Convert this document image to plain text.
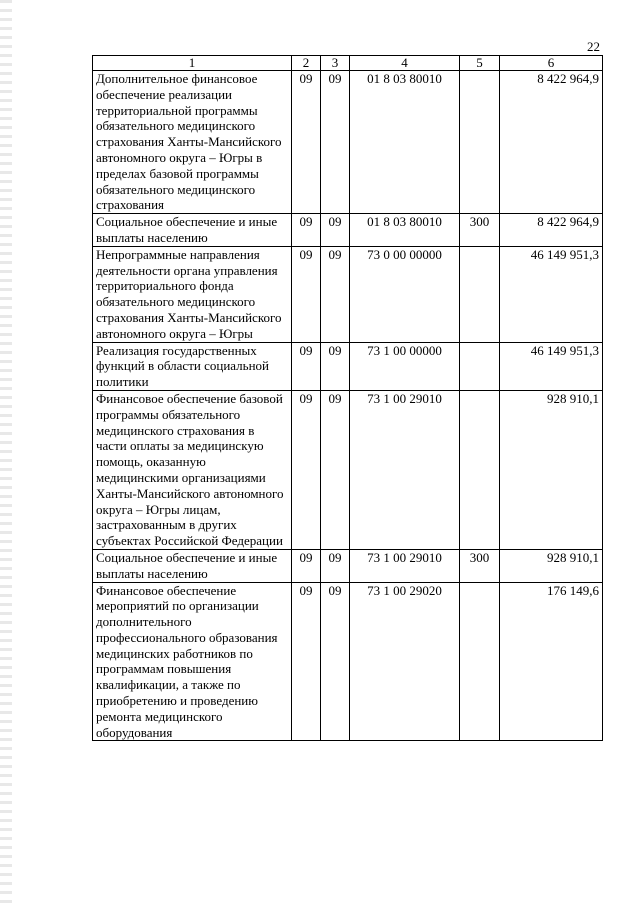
22
1	2	3	4	5	6
Дополнительное финансовое обеспечение реализации территориальной программы обязательного медицинского страхования Ханты-Мансийского автономного округа – Югры в пределах базовой программы обязательного медицинского страхования	09	09	01 8 03 80010		8 422 964,9
Социальное обеспечение и иные выплаты населению	09	09	01 8 03 80010	300	8 422 964,9
Непрограммные направления деятельности органа управления территориального фонда обязательного медицинского страхования Ханты-Мансийского автономного округа – Югры	09	09	73 0 00 00000		46 149 951,3
Реализация государственных функций в области социальной политики	09	09	73 1 00 00000		46 149 951,3
Финансовое обеспечение базовой программы обязательного медицинского страхования в части оплаты за медицинскую помощь, оказанную медицинскими организациями Ханты-Мансийского автономного округа – Югры лицам, застрахованным в других субъектах Российской Федерации	09	09	73 1 00 29010		928 910,1
Социальное обеспечение и иные выплаты населению	09	09	73 1 00 29010	300	928 910,1
Финансовое обеспечение мероприятий по организации дополнительного профессионального образования медицинских работников по программам повышения квалификации, а также по приобретению и проведению ремонта медицинского оборудования	09	09	73 1 00 29020		176 149,6
